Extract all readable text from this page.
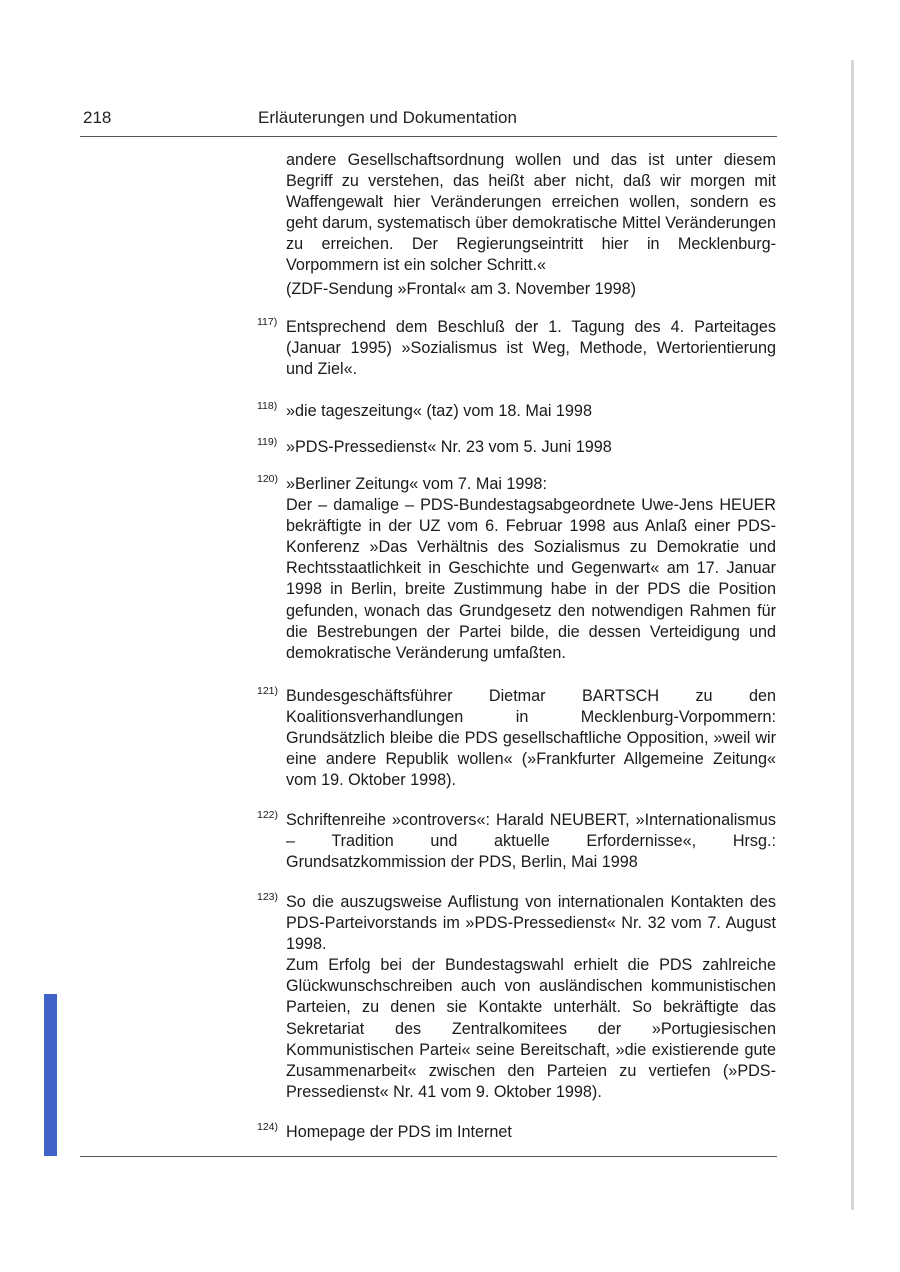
218	Erläuterungen und Dokumentation

andere Gesellschaftsordnung wollen und das ist unter diesem Begriff zu verstehen, das heißt aber nicht, daß wir morgen mit Waffengewalt hier Veränderungen erreichen wollen, sondern es geht darum, systematisch über demokratische Mittel Veränderungen zu erreichen. Der Regierungseintritt hier in Mecklenburg-Vorpommern ist ein solcher Schritt.«

(ZDF-Sendung »Frontal« am 3. November 1998)

117) Entsprechend dem Beschluß der 1. Tagung des 4. Parteitages (Januar 1995) »Sozialismus ist Weg, Methode, Wertorientierung und Ziel«.

118) »die tageszeitung« (taz) vom 18. Mai 1998

119) »PDS-Pressedienst« Nr. 23 vom 5. Juni 1998

120) »Berliner Zeitung« vom 7. Mai 1998:

Der – damalige – PDS-Bundestagsabgeordnete Uwe-Jens HEUER bekräftigte in der UZ vom 6. Februar 1998 aus Anlaß einer PDS-Konferenz »Das Verhältnis des Sozialismus zu Demokratie und Rechtsstaatlichkeit in Geschichte und Gegenwart« am 17. Januar 1998 in Berlin, breite Zustimmung habe in der PDS die Position gefunden, wonach das Grundgesetz den notwendigen Rahmen für die Bestrebungen der Partei bilde, die dessen Verteidigung und demokratische Veränderung umfaßten.

121) Bundesgeschäftsführer Dietmar BARTSCH zu den Koalitionsverhandlungen in Mecklenburg-Vorpommern: Grundsätzlich bleibe die PDS gesellschaftliche Opposition, »weil wir eine andere Republik wollen« (»Frankfurter Allgemeine Zeitung« vom 19. Oktober 1998).

122) Schriftenreihe »controvers«: Harald NEUBERT, »Internationalismus – Tradition und aktuelle Erfordernisse«, Hrsg.: Grundsatzkommission der PDS, Berlin, Mai 1998

123) So die auszugsweise Auflistung von internationalen Kontakten des PDS-Parteivorstands im »PDS-Pressedienst« Nr. 32 vom 7. August 1998.

Zum Erfolg bei der Bundestagswahl erhielt die PDS zahlreiche Glückwunschschreiben auch von ausländischen kommunistischen Parteien, zu denen sie Kontakte unterhält. So bekräftigte das Sekretariat des Zentralkomitees der »Portugiesischen Kommunistischen Partei« seine Bereitschaft, »die existierende gute Zusammenarbeit« zwischen den Parteien zu vertiefen (»PDS-Pressedienst« Nr. 41 vom 9. Oktober 1998).

124) Homepage der PDS im Internet
